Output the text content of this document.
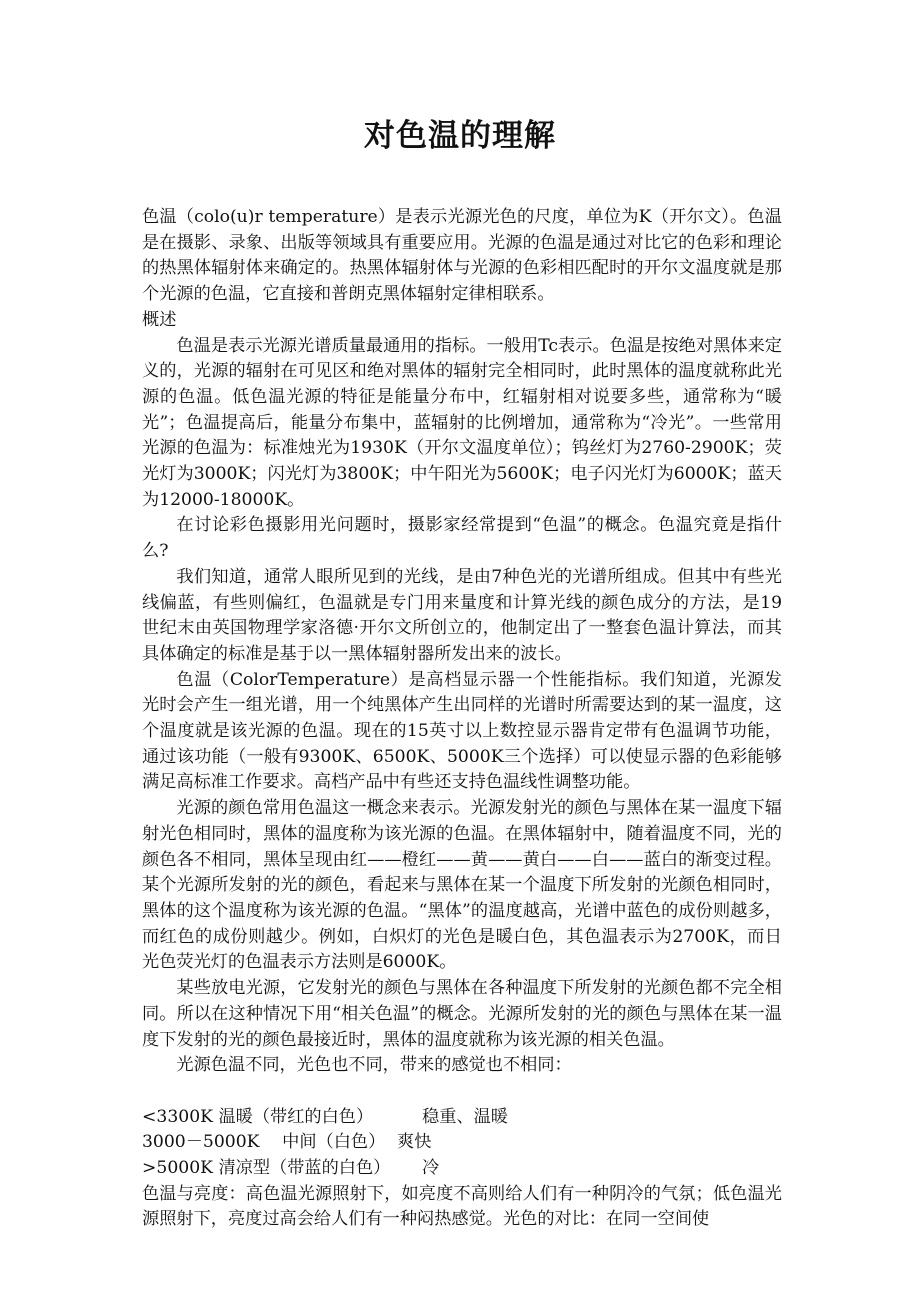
对色温的理解

色温（colo(u)r temperature）是表示光源光色的尺度，单位为K（开尔文）。色温是在摄影、录象、出版等领域具有重要应用。光源的色温是通过对比它的色彩和理论的热黑体辐射体来确定的。热黑体辐射体与光源的色彩相匹配时的开尔文温度就是那个光源的色温，它直接和普朗克黑体辐射定律相联系。

概述

色温是表示光源光谱质量最通用的指标。一般用Tc表示。色温是按绝对黑体来定义的，光源的辐射在可见区和绝对黑体的辐射完全相同时，此时黑体的温度就称此光源的色温。低色温光源的特征是能量分布中，红辐射相对说要多些，通常称为“暖光”；色温提高后，能量分布集中，蓝辐射的比例增加，通常称为“冷光”。一些常用光源的色温为：标准烛光为1930K（开尔文温度单位）；钨丝灯为2760-2900K；荧光灯为3000K；闪光灯为3800K；中午阳光为5600K；电子闪光灯为6000K；蓝天为12000-18000K。

在讨论彩色摄影用光问题时，摄影家经常提到“色温”的概念。色温究竟是指什么?

我们知道，通常人眼所见到的光线，是由7种色光的光谱所组成。但其中有些光线偏蓝，有些则偏红，色温就是专门用来量度和计算光线的颜色成分的方法，是19世纪末由英国物理学家洛德·开尔文所创立的，他制定出了一整套色温计算法，而其具体确定的标准是基于以一黑体辐射器所发出来的波长。

色温（ColorTemperature）是高档显示器一个性能指标。我们知道，光源发光时会产生一组光谱，用一个纯黑体产生出同样的光谱时所需要达到的某一温度，这个温度就是该光源的色温。现在的15英寸以上数控显示器肯定带有色温调节功能，通过该功能（一般有9300K、6500K、5000K三个选择）可以使显示器的色彩能够满足高标准工作要求。高档产品中有些还支持色温线性调整功能。

光源的颜色常用色温这一概念来表示。光源发射光的颜色与黑体在某一温度下辐射光色相同时，黑体的温度称为该光源的色温。在黑体辐射中，随着温度不同，光的颜色各不相同，黑体呈现由红——橙红——黄——黄白——白——蓝白的渐变过程。某个光源所发射的光的颜色，看起来与黑体在某一个温度下所发射的光颜色相同时，黑体的这个温度称为该光源的色温。“黑体”的温度越高，光谱中蓝色的成份则越多，而红色的成份则越少。例如，白炽灯的光色是暖白色，其色温表示为2700K，而日光色荧光灯的色温表示方法则是6000K。

某些放电光源，它发射光的颜色与黑体在各种温度下所发射的光颜色都不完全相同。所以在这种情况下用“相关色温”的概念。光源所发射的光的颜色与黑体在某一温度下发射的光的颜色最接近时，黑体的温度就称为该光源的相关色温。

光源色温不同，光色也不同，带来的感觉也不相同：

<3300K 温暖（带红的白色）	稳重、温暖
3000－5000K　 中间（白色） 爽快
>5000K 清凉型（带蓝的白色）	冷

色温与亮度：高色温光源照射下，如亮度不高则给人们有一种阴冷的气氛；低色温光源照射下，亮度过高会给人们有一种闷热感觉。光色的对比：在同一空间使
